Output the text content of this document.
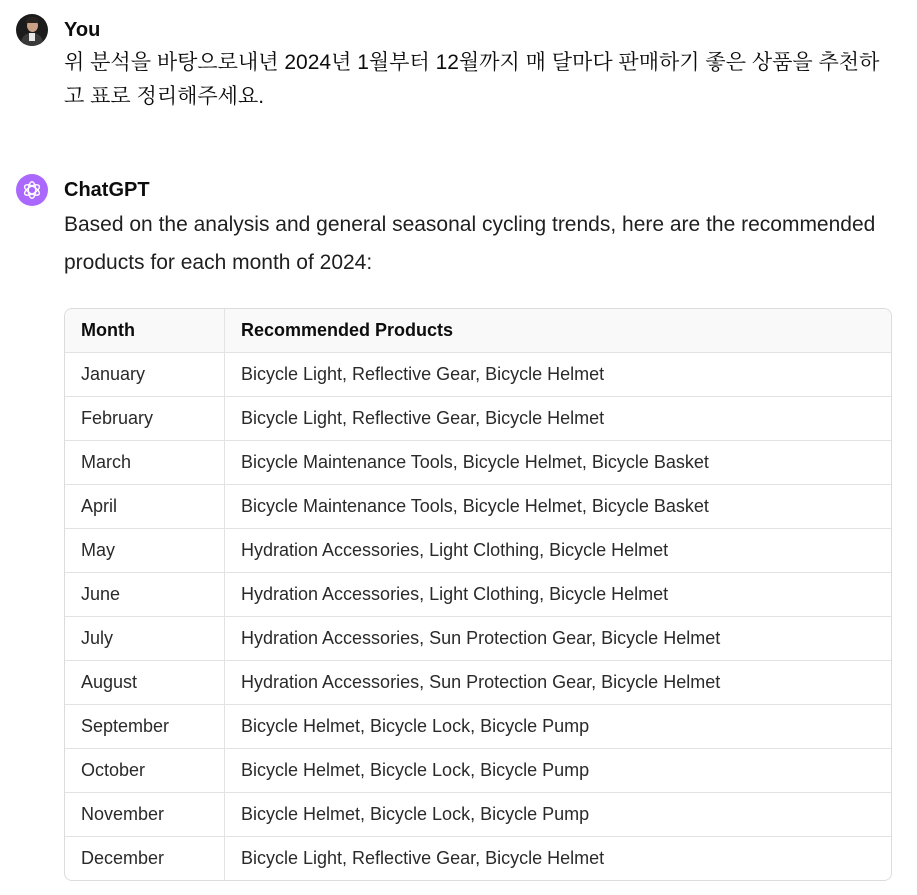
You
위 분석을 바탕으로내년 2024년 1월부터 12월까지 매 달마다 판매하기 좋은 상품을 추천하고 표로 정리해주세요.
ChatGPT
Based on the analysis and general seasonal cycling trends, here are the recommended products for each month of 2024:
Month	Recommended Products
January	Bicycle Light, Reflective Gear, Bicycle Helmet
February	Bicycle Light, Reflective Gear, Bicycle Helmet
March	Bicycle Maintenance Tools, Bicycle Helmet, Bicycle Basket
April	Bicycle Maintenance Tools, Bicycle Helmet, Bicycle Basket
May	Hydration Accessories, Light Clothing, Bicycle Helmet
June	Hydration Accessories, Light Clothing, Bicycle Helmet
July	Hydration Accessories, Sun Protection Gear, Bicycle Helmet
August	Hydration Accessories, Sun Protection Gear, Bicycle Helmet
September	Bicycle Helmet, Bicycle Lock, Bicycle Pump
October	Bicycle Helmet, Bicycle Lock, Bicycle Pump
November	Bicycle Helmet, Bicycle Lock, Bicycle Pump
December	Bicycle Light, Reflective Gear, Bicycle Helmet
